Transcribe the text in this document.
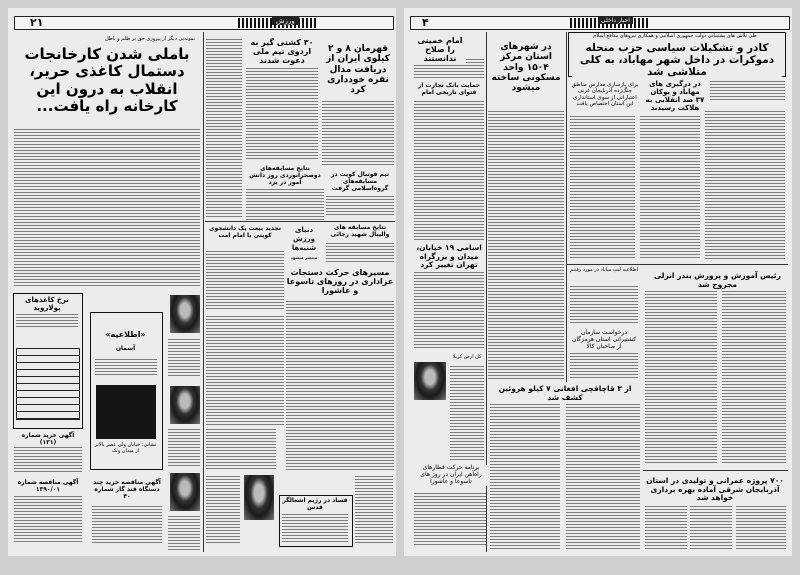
۲۱	ورزش
نمونه‌یی دیگر از پیروزی حق بر ظلم و باطل
باملی شدن کارخانجات دستمال کاغذی حریر، انقلاب به درون این کارخانه راه یافت...
قهرمان ۸ و ۲ کیلوی ایران از دریافت مدال نقره خودداری کرد
۳۰ کشتی گیر به اردوی تیم ملی دعوت شدند
نتایج مسابقه‌های دوصحرانوردی روز دانش آموز در یزد
تیم فوتبال کویت در مسابقه‌های گروه‌اسلامی گرفت
نتایج مسابقه های والیبال شهید رجائی
دنیای
ورزش
شنبه‌ها
منتشر میشود
تجدید بیعت یک دانشجوی کویتی با امام امت
مسیرهای حرکت دستجات عزاداری در روزهای تاسوعا و عاشورا
نرخ کاغذهای پولاروید
«اطلاعیه»
آسمان
نشانی: خیابان ولی عصر بالاتر از میدان ونک
آگهی خرید شماره (۱۳۱)
آگهی مناقصه شماره ۱۳۹۰/۰۱
آگهی مناقصه خرید چند دستگاه قند گاز شماره ۴۰
فساد در رژیم اشغالگر قدس
۴	اخبار داخلی
طی تلاش های پشتیبانی دولت جمهوری اسلامی و همکاری نیروهای مدافع اسلام
کادر و تشکیلات سیاسی حزب منحله دموکرات در داخل شهر مهاباد، به کلی متلاشی شد
امام خمینی را صلاح ندانستند
در شهرهای استان مرکز ۱۵۰۴ واحد مسکونی ساخته میشود
حمایت بانک تجارت از فتوای تاریخی امام
در درگیری های مهاباد و بوکان ۳۷ ضد انقلابی به هلاکت رسیدند
برای بازسازی مدارس مناطق جنگ‌زده آذربایجان غربی اعتباراتی از سوی استانداری این استان اختصاص یافت
اسامی ۱۹ خیابان، میدان و بزرگراه تهران تغییر کرد
رئیس آموزش و پرورش بندر انزلی مجروح شد
اطلاعیه لیپ میاباد در مورد رفتنم
درخواست سازمان کشتیرانی استان هرمزگان از صاحبان کالا
کل ارض کربلا
از ۳ قاچاقچی افغانی ۷ کیلو هروئین کشف شد
برنامه حرکت قطارهای راه‌آهن ایران در روز های تاسوعا و عاشورا	۷۰۰ پروژه عمرانی و تولیدی در استان آذربایجان شرقی آماده بهره برداری خواهد شد
